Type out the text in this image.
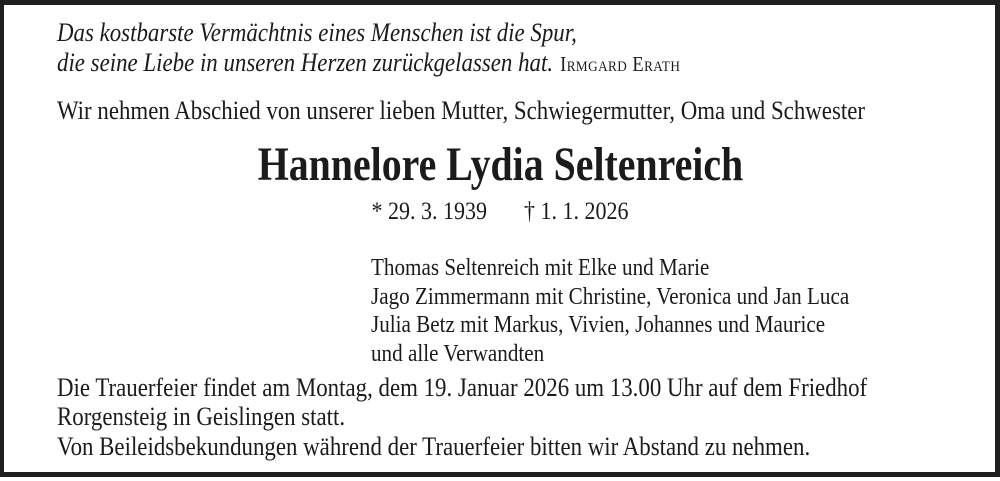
Das kostbarste Vermächtnis eines Menschen ist die Spur,
die seine Liebe in unseren Herzen zurückgelassen hat. Irmgard Erath
Wir nehmen Abschied von unserer lieben Mutter, Schwiegermutter, Oma und Schwester
Hannelore Lydia Seltenreich
* 29. 3. 1939 † 1. 1. 2026
Thomas Seltenreich mit Elke und Marie
Jago Zimmermann mit Christine, Veronica und Jan Luca
Julia Betz mit Markus, Vivien, Johannes und Maurice
und alle Verwandten
Die Trauerfeier findet am Montag, dem 19. Januar 2026 um 13.00 Uhr auf dem Friedhof
Rorgensteig in Geislingen statt.
Von Beileidsbekundungen während der Trauerfeier bitten wir Abstand zu nehmen.
